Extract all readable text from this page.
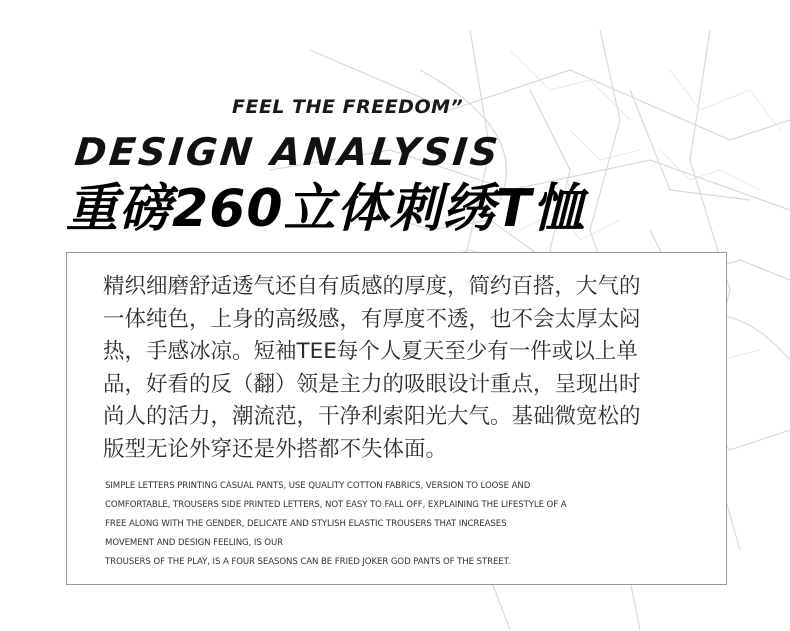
FEEL THE FREEDOM”
DESIGN ANALYSIS
重磅260立体刺绣T恤
精织细磨舒适透气还自有质感的厚度，简约百搭，大气的
一体纯色，上身的高级感，有厚度不透，也不会太厚太闷
热，手感冰凉。短袖TEE每个人夏天至少有一件或以上单
品，好看的反（翻）领是主力的吸眼设计重点，呈现出时
尚人的活力，潮流范，干净利索阳光大气。基础微宽松的
版型无论外穿还是外搭都不失体面。
SIMPLE LETTERS PRINTING CASUAL PANTS, USE QUALITY COTTON FABRICS, VERSION TO LOOSE AND
COMFORTABLE, TROUSERS SIDE PRINTED LETTERS, NOT EASY TO FALL OFF, EXPLAINING THE LIFESTYLE OF A
FREE ALONG WITH THE GENDER, DELICATE AND STYLISH ELASTIC TROUSERS THAT INCREASES
MOVEMENT AND DESIGN FEELING, IS OUR
TROUSERS OF THE PLAY, IS A FOUR SEASONS CAN BE FRIED JOKER GOD PANTS OF THE STREET.
